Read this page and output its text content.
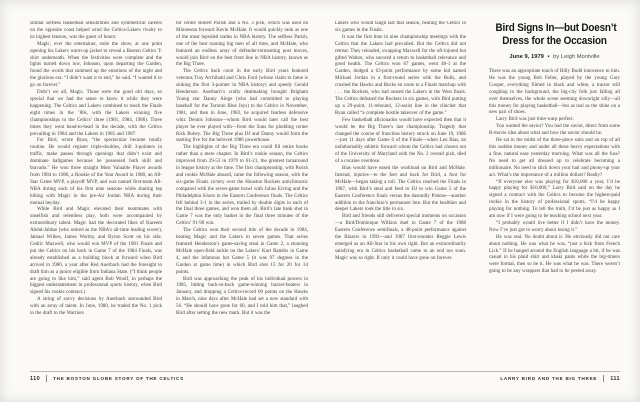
similar selfless basketball sensibilities and symmetrical careers on the opposite coast helped wind the Celtics-Lakers rivalry to its highest tension, was the guest of honor.

Magic, ever the entertainer, stole the show, at one point opening his Lakers warm-up jacket to reveal a Boston Celtics T-shirt underneath. When the festivities were complete and the lights turned down low, Johnson, upon departing the Garden, found the words that summed up the emotions of the night and the glorious era. “I didn’t want it to end,” he said. “I wanted it to go on forever.”

Didn’t we all, Magic. Those were the good old days, so special that we had the sense to know it while they were happening. The Celtics and Lakers combined to reach the Finals eight times in the ’80s, with the Lakers winning five championships to the Celtics’ three (1981, 1984, 1986). Three times they went head-to-head in the decade, with the Celtics prevailing in 1984 and the Lakers in 1985 and 1987.

For Bird, wrote Ryan, “the spectacular became totally routine. He would register triple-doubles, drill 3-pointers in traffic, make passes through openings that didn’t exist and dominate ballgames because he possessed both skill and bravado.” He won three straight Most Valuable Player awards from 1984 to 1986, a Rookie of the Year Award in 1980, an All-Star Game MVP, a playoff MVP, and was named first-team All-NBA during each of his first nine seasons while sharing top billing with Magic in the pre-Air Jordan NBA during their mutual heyday.

While Bird and Magic elevated their teammates with unselfish and relentless play, both were accompanied by extraordinary talent. Magic had the decorated likes of Kareem Abdul-Jabbar (who retired as the NBA’s all-time leading scorer), Jamaal Wilkes, James Worthy, and Byron Scott on his side. Cedric Maxwell, who would win MVP of the 1981 Finals and put the Celtics on his back in Game 7 of the 1984 Finals, was already established as a building block at forward when Bird arrived in 1980, a year after Red Auerbach had the foresight to draft him as a junior eligible from Indiana State. (“I think people are going to like him,” said agent Bob Woolf, in perhaps the biggest understatement in professional sports history, when Bird signed his rookie contract.)

A string of savvy decisions by Auerbach surrounded Bird with an array of talent. In June, 1980, he traded the No. 1 pick in the draft to the Warriors

for center Robert Parish and a No. 3 pick, which was used on Minnesota forward Kevin McHale. It would quickly rank as one of the most lopsided trades in NBA history. The selfless Parish, one of the best running big men of all time, and McHale, who featured an endless array of defender-tormenting post moves, would join Bird on the best front line in NBA history, known as the Big Three.

The Celtics back court in the early Bird years featured veterans Tiny Archibald and Chris Ford (whose claim to fame is sinking the first 3-pointer in NBA history) and speedy Gerald Henderson. Auerbach’s crafty dealmaking brought Brigham Young star Danny Ainge (who had committed to playing baseball for the Toronto Blue Jays) to the Celtics in November, 1981, and then in June, 1983, he acquired fearless defensive whiz Dennis Johnson—whom Bird would later call the best player he ever played with—from the Suns for plodding center Rick Robey. The Big Three plus DJ and Danny would form the starting five for the beloved 1986 powerhouse.

The highlights of the Big Three era could fill entire books rather than a mere chapter. In Bird’s rookie season, the Celtics improved from 29-53 in 1979 to 61-21, the greatest turnaround in league history at the time. The first championship, with Parish and rookie McHale aboard, came the following season, with the six-game Finals victory over the Houston Rockets anticlimactic compared with the seven-game brawl with Julius Erving and the Philadelphia Sixers in the Eastern Conference finals. The Celtics fell behind 3-1 in the series, trailed by double digits in each of the final three games, and won them all. Bird’s late bank shot in Game 7 was the only basket in the final three minutes of the Celtics’ 91-90 win.

The Celtics won their second title of the decade in 1984, beating Magic and the Lakers in seven games. That series featured Henderson’s game-saving steal in Game 2, a stunning McHale open-field tackle on the Lakers’ Kurt Rambis in Game 4, and the infamous hot Game 5 (it was 97 degrees in the Garden at game time) in which Bird shot 15 for 20 for 34 points.

Bird was approaching the peak of his individual powers in 1985, hitting back-to-back game-winning buzzer-beaters in January, and dropping a Celtics-record 60 points on the Hawks in March, nine days after McHale had set a new standard with 56. “He should have gone for 60, and I told him that,” laughed Bird after setting the new mark. But it was the

Lakers who would laugh last that season, beating the Celtics in six games in the Finals.

It was the first time in nine championship meetings with the Celtics that the Lakers had prevailed. But the Celtics did not retreat. They reloaded, swapping Maxwell for the oft-injured but gifted Walton, who savored a return to basketball relevance and good health. The Celtics won 67 games, went 40-1 at the Garden, dodged a 63-point performance by some kid named Michael Jordan in a first-round series with the Bulls, and crushed the Hawks and Bucks en route to a Finals matchup with . . . the Rockets, who had ousted the Lakers in the West finals. The Celtics defeated the Rockets in six games, with Bird putting up a 29-point, 11-rebound, 12-assist line in the clincher that Ryan called “a complete hostile takeover of the game.”

Few basketball aficionados would have expected then that it would be the Big Three’s last championship. Tragedy that changed the course of franchise history struck on June 19, 1986—just 11 days after Game 6 of the Finals—when Len Bias, an unfathomably athletic forward whom the Celtics had chosen out of the University of Maryland with the No. 2 overall pick, died of a cocaine overdose.

Bias would have eased the workload on Bird and McHale. Instead, injuries—to the feet and back for Bird, a foot for McHale—began taking a toll. The Celtics reached the Finals in 1987, with Bird’s steal and feed to DJ to win Game 5 of the Eastern Conference finals versus the dastardly Pistons—another addition to the franchise’s permanent lore. But the healthier and deeper Lakers took the title in six.

Bird and friends still delivered special moments on occasion—a Bird/Dominique Wilkins duel in Game 7 of the 1988 Eastern Conference semifinals, a 48-point performance against the Blazers in 1992—and 1987 first-rounder Reggie Lewis emerged as an All-Star in his own right. But an extraordinarily satisfying era in Celtics basketball came to an end too soon. Magic was so right. If only it could have gone on forever.

Bird Signs In—but Doesn’t
Dress for the Occasion
June 9, 1979 • by Leigh Montville

There was an appropriate touch of Billy Budd innocence to him. He was the young Bob Feller, played by the young Gary Cooper, everything filmed in black and white, a tractor still coughing in the background, the big-city folk just falling all over themselves, the whole scene seeming downright silly—all this money for playing basketball—but as real as the shine on a new pair of shoes.

Larry Bird was just time-warp perfect.

You wanted the savior? You had the savior, direct from some B-movie idea about what and how the savior should be.

He sat in the midst of the three-piece suits and on top of all this sudden money and under all these heavy expectations with a fine, natural ease yesterday morning. What was all the fuss? No need to get all dressed up to celebrate becoming a millionaire. No need to slick down your hair and phony-up your act. What’s the importance of a million dollars? Really?

“If everyone else was playing for $10,000 a year, I’d be happy playing for $10,000,” Larry Bird said on the day he signed a contract with the Celtics to become the highest-paid rookie in the history of professional sports. “I’d be happy playing for nothing. To tell the truth, I’d be just as happy as I am now if I were going to be teaching school next year.

“I probably would live better if I didn’t have the money. Now I’ve just got to worry about losing it.”

He was real. No doubt about it. He obviously did not care about nothing. He was what he was, “just a hick from French Lick.” If he banged around the English language a bit, if he was casual in his plaid shirt and khaki pants while the big-timers were formal, then so be it. He was what he was. There weren’t going to be any wrappers that had to be peeled away.

110	THE BOSTON GLOBE STORY OF THE CELTICS	LARRY BIRD AND THE BIG THREE 111
